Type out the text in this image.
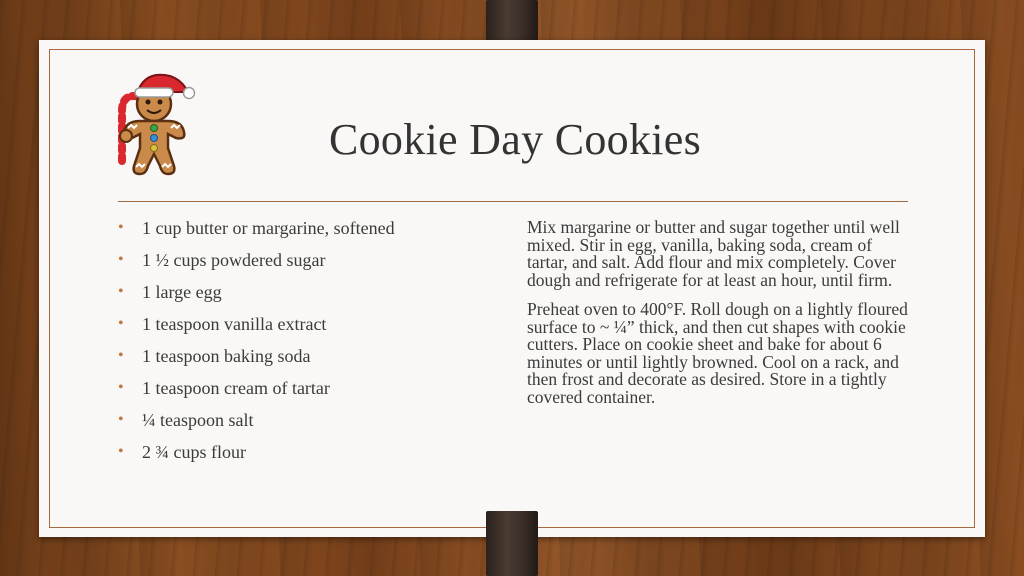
Cookie Day Cookies
• 1 cup butter or margarine, softened
• 1 ½ cups powdered sugar
• 1 large egg
• 1 teaspoon vanilla extract
• 1 teaspoon baking soda
• 1 teaspoon cream of tartar
• ¼ teaspoon salt
• 2 ¾ cups flour

Mix margarine or butter and sugar together until well mixed. Stir in egg, vanilla, baking soda, cream of tartar, and salt. Add flour and mix completely. Cover dough and refrigerate for at least an hour, until firm.

Preheat oven to 400°F. Roll dough on a lightly floured surface to ~ ¼” thick, and then cut shapes with cookie cutters. Place on cookie sheet and bake for about 6 minutes or until lightly browned. Cool on a rack, and then frost and decorate as desired. Store in a tightly covered container.
